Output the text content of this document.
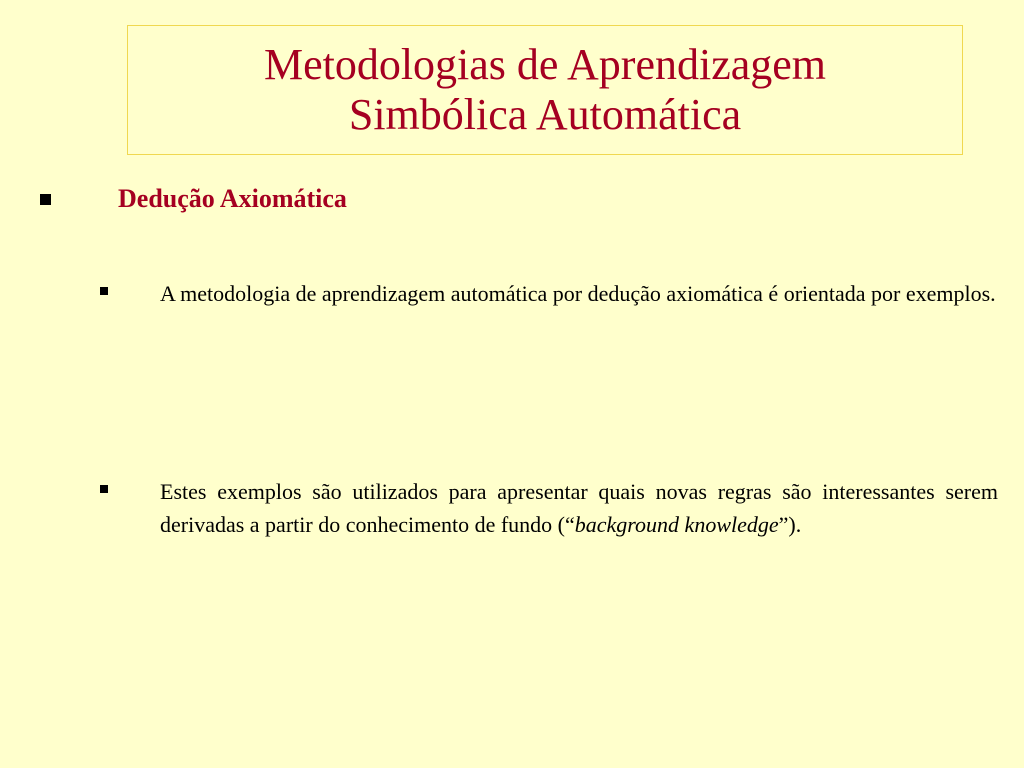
Metodologias de Aprendizagem
Simbólica Automática
Dedução Axiomática
A metodologia de aprendizagem automática por dedução axiomática é orientada por exemplos.
Estes exemplos são utilizados para apresentar quais novas regras são interessantes serem derivadas a partir do conhecimento de fundo (“background knowledge”).
